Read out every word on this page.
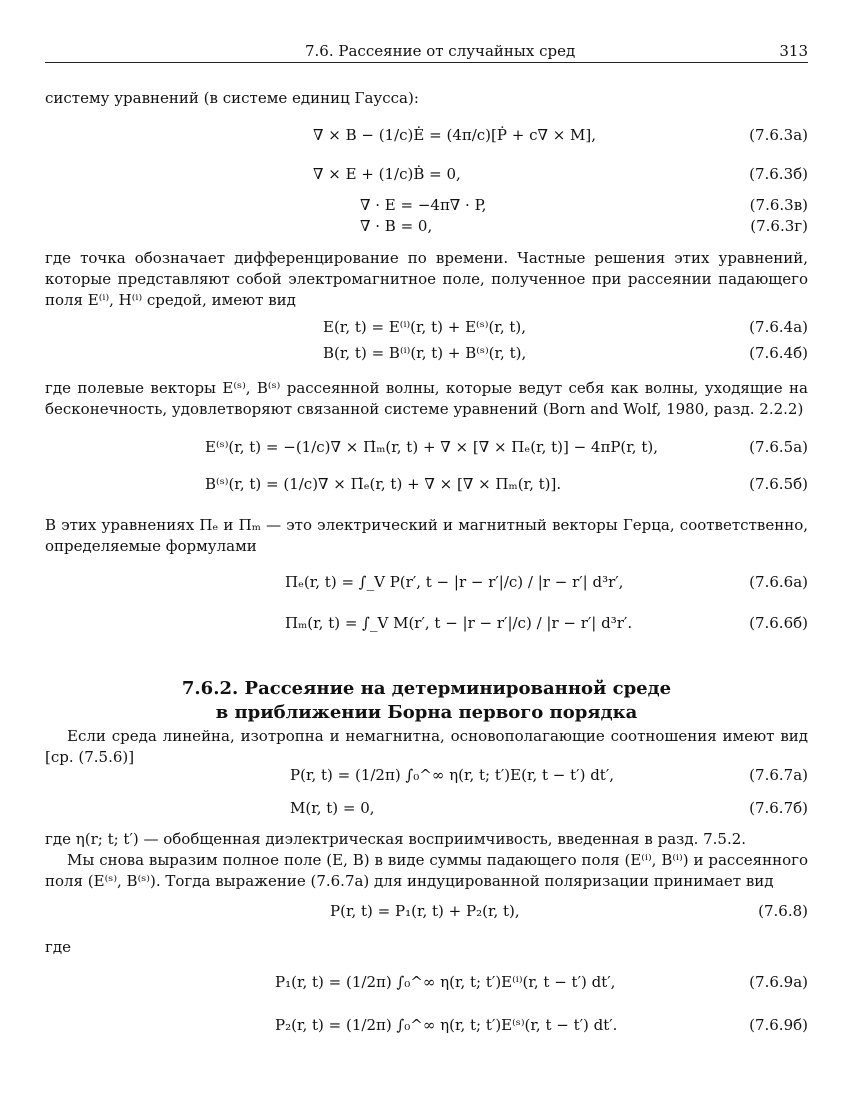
7.6. Рассеяние от случайных сред	313

систему уравнений (в системе единиц Гаусса):

∇ × B − (1/c)Ė = (4π/c)[Ṗ + c∇ × M],	(7.6.3а)
∇ × E + (1/c)Ḃ = 0,	(7.6.3б)
∇ · E = −4π∇ · P,	(7.6.3в)
∇ · B = 0,	(7.6.3г)

где точка обозначает дифференцирование по времени. Частные решения этих уравнений, которые представляют собой электромагнитное поле, полученное при рассеянии падающего поля E⁽ⁱ⁾, H⁽ⁱ⁾ средой, имеют вид

E(r, t) = E⁽ⁱ⁾(r, t) + E⁽ˢ⁾(r, t),	(7.6.4а)
B(r, t) = B⁽ⁱ⁾(r, t) + B⁽ˢ⁾(r, t),	(7.6.4б)

где полевые векторы E⁽ˢ⁾, B⁽ˢ⁾ рассеянной волны, которые ведут себя как волны, уходящие на бесконечность, удовлетворяют связанной системе уравнений (Born and Wolf, 1980, разд. 2.2.2)

E⁽ˢ⁾(r, t) = −(1/c)∇ × Π̇ₘ(r, t) + ∇ × [∇ × Πₑ(r, t)] − 4πP(r, t),	(7.6.5а)
B⁽ˢ⁾(r, t) = (1/c)∇ × Π̇ₑ(r, t) + ∇ × [∇ × Πₘ(r, t)].	(7.6.5б)

В этих уравнениях Πₑ и Πₘ — это электрический и магнитный векторы Герца, соответственно, определяемые формулами

Πₑ(r, t) = ∫_V P(r′, t − |r − r′|/c) / |r − r′| d³r′,	(7.6.6а)
Πₘ(r, t) = ∫_V M(r′, t − |r − r′|/c) / |r − r′| d³r′.	(7.6.6б)
7.6.2. Рассеяние на детерминированной среде
в приближении Борна первого порядка

Если среда линейна, изотропна и немагнитна, основополагающие соотношения имеют вид [ср. (7.5.6)]

P(r, t) = (1/2π) ∫₀^∞ η(r, t; t′)E(r, t − t′) dt′,	(7.6.7а)
M(r, t) = 0,	(7.6.7б)

где η(r; t; t′) — обобщенная диэлектрическая восприимчивость, введенная в разд. 7.5.2.

Мы снова выразим полное поле (E, B) в виде суммы падающего поля (E⁽ⁱ⁾, B⁽ⁱ⁾) и рассеянного поля (E⁽ˢ⁾, B⁽ˢ⁾). Тогда выражение (7.6.7а) для индуцированной поляризации принимает вид

P(r, t) = P₁(r, t) + P₂(r, t),	(7.6.8)

где

P₁(r, t) = (1/2π) ∫₀^∞ η(r, t; t′)E⁽ⁱ⁾(r, t − t′) dt′,	(7.6.9а)
P₂(r, t) = (1/2π) ∫₀^∞ η(r, t; t′)E⁽ˢ⁾(r, t − t′) dt′.	(7.6.9б)
